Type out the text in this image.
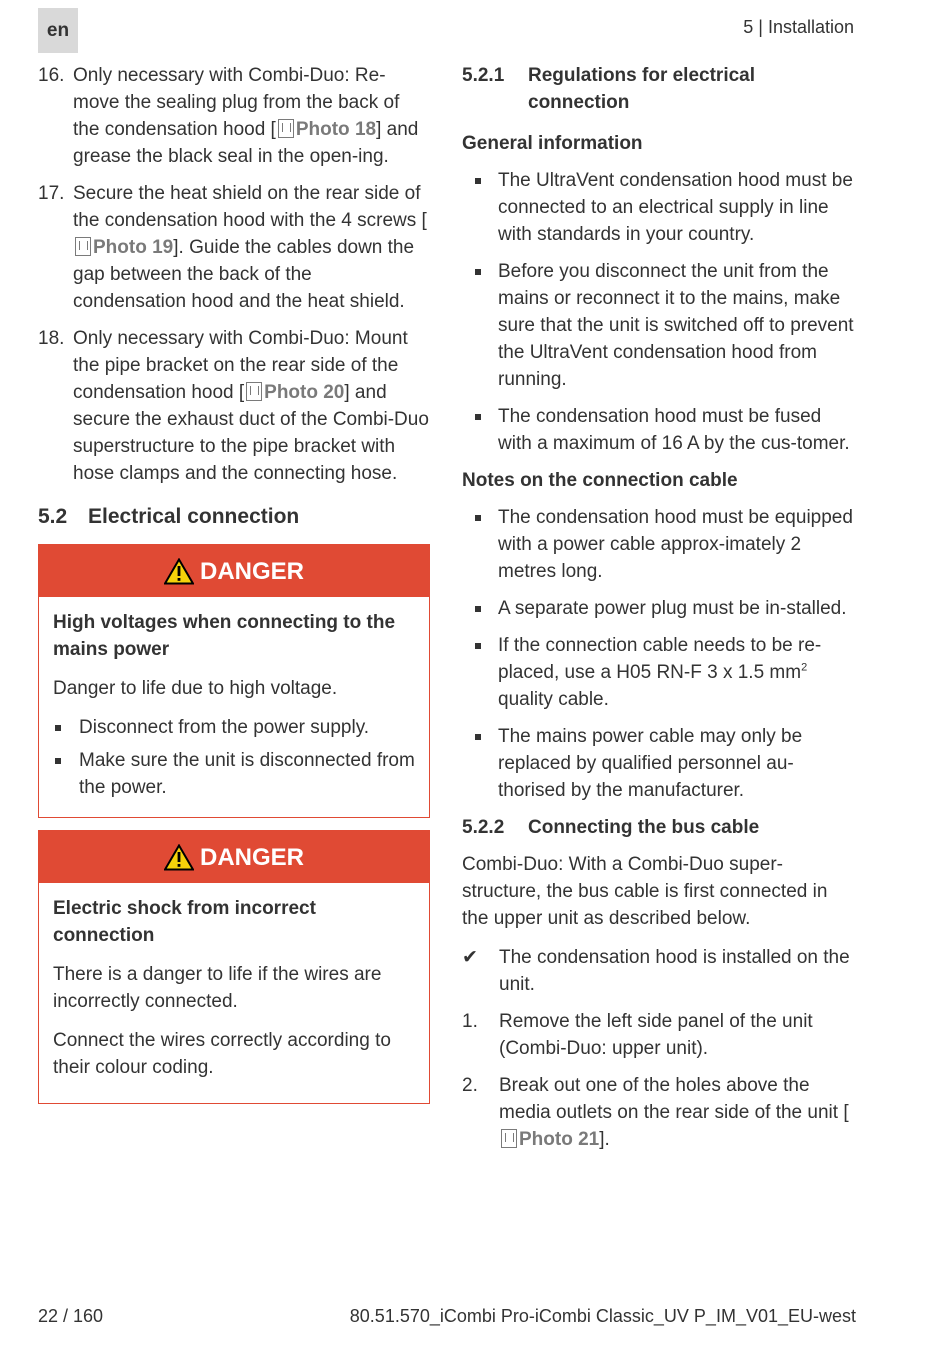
en	5 | Installation
16. Only necessary with Combi-Duo: Re-move the sealing plug from the back of the condensation hood [ Photo 18] and grease the black seal in the open-ing.
17. Secure the heat shield on the rear side of the condensation hood with the 4 screws [Photo 19]. Guide the cables down the gap between the back of the condensation hood and the heat shield.
18. Only necessary with Combi-Duo: Mount the pipe bracket on the rear side of the condensation hood [ Photo 20] and secure the exhaust duct of the Combi-Duo superstructure to the pipe bracket with hose clamps and the connecting hose.
5.2 Electrical connection
DANGER
High voltages when connecting to the mains power

Danger to life due to high voltage.

Disconnect from the power supply.
Make sure the unit is disconnected from the power.
DANGER
Electric shock from incorrect connection

There is a danger to life if the wires are incorrectly connected.

Connect the wires correctly according to their colour coding.

5.2.1	Regulations for electrical connection
General information
The UltraVent condensation hood must be connected to an electrical supply in line with standards in your country.
Before you disconnect the unit from the mains or reconnect it to the mains, make sure that the unit is switched off to prevent the UltraVent condensation hood from running.
The condensation hood must be fused with a maximum of 16 A by the cus-tomer.
Notes on the connection cable
The condensation hood must be equipped with a power cable approx-imately 2 metres long.
A separate power plug must be in-stalled.
If the connection cable needs to be re-placed, use a H05 RN-F 3 x 1.5 $mm^2$ quality cable.
The mains power cable may only be replaced by qualified personnel au-thorised by the manufacturer.
5.2.2 Connecting the bus cable

Combi-Duo: With a Combi-Duo super-structure, the bus cable is first connected in the upper unit as described below.

✔	The condensation hood is installed on the unit.
1.	Remove the left side panel of the unit (Combi-Duo: upper unit).
2.	Break out one of the holes above the media outlets on the rear side of the unit [Photo 21].
22 / 160	80.51.570_iCombi Pro-iCombi Classic_UV P_IM_V01_EU-west
